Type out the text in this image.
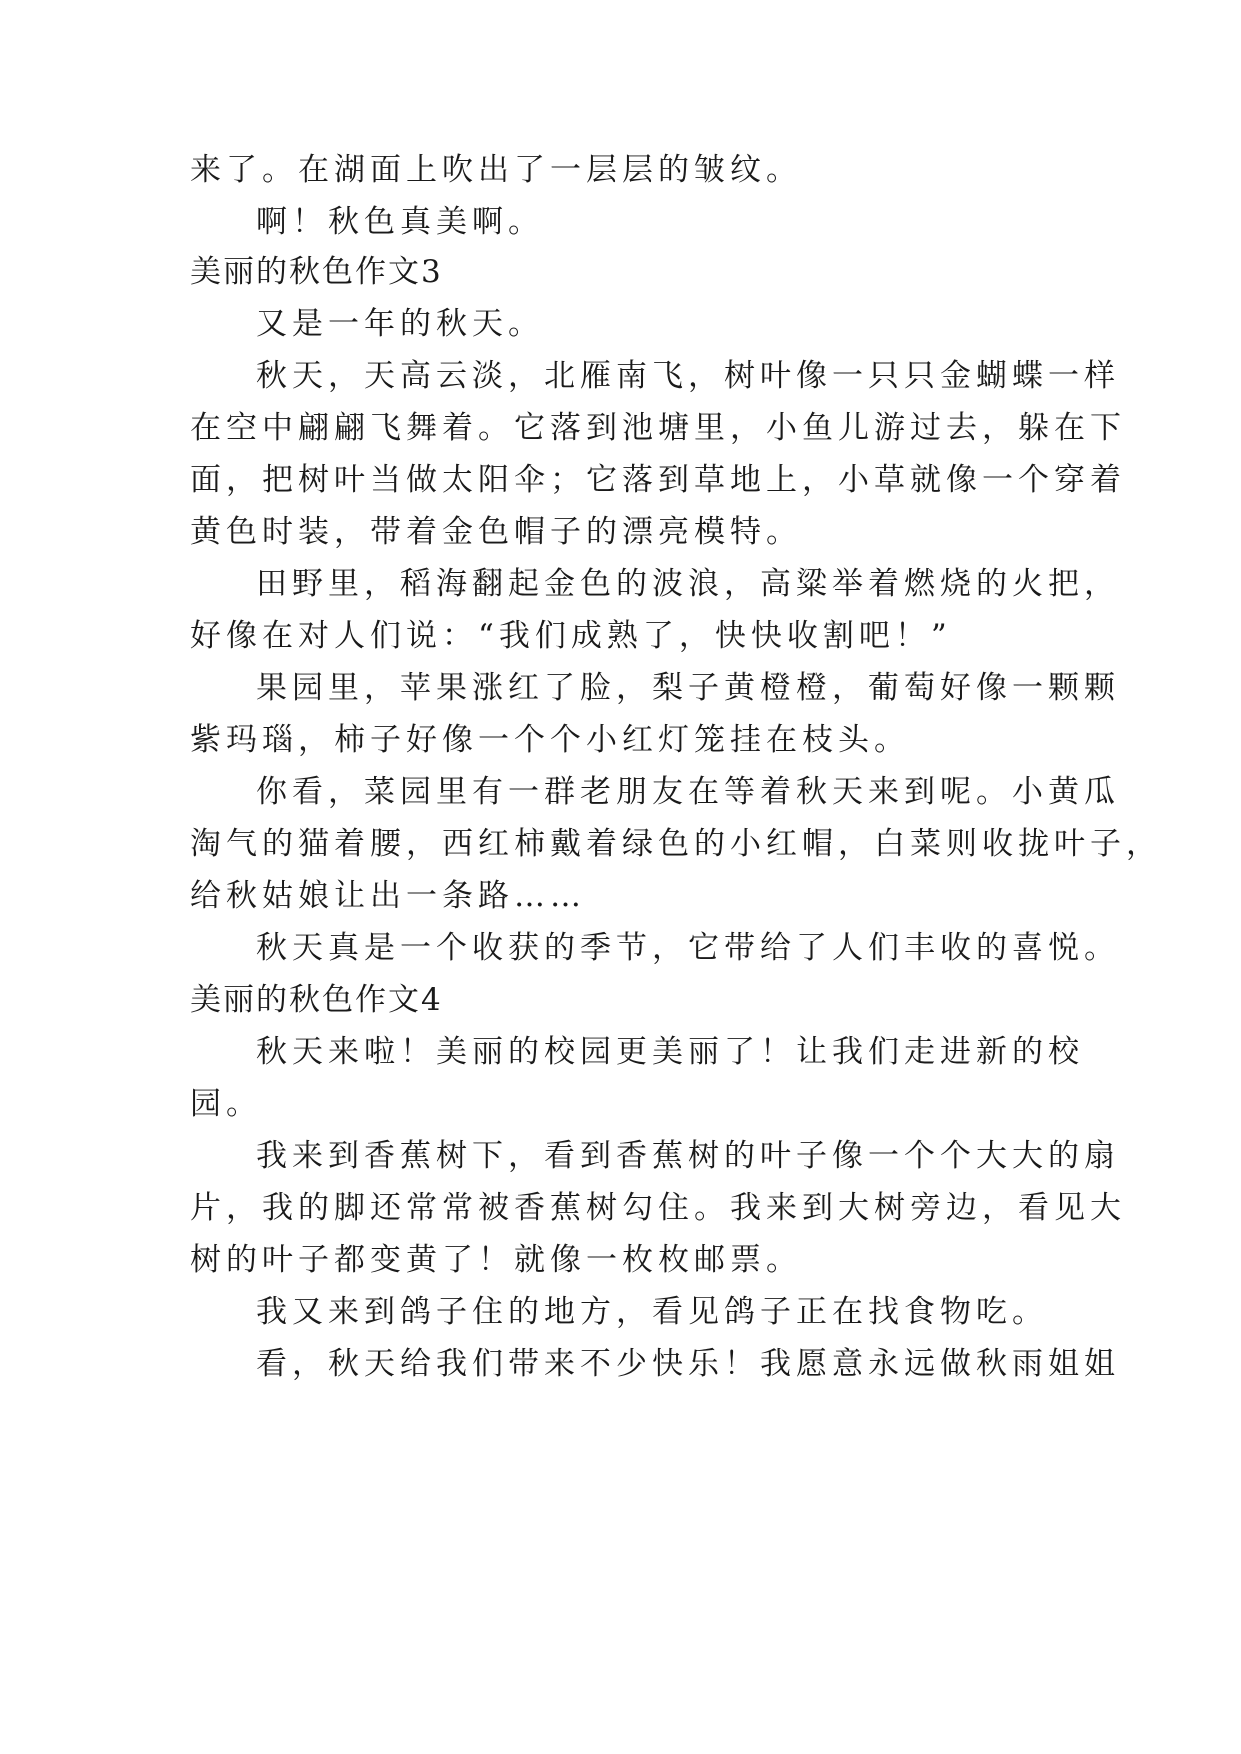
来了。在湖面上吹出了一层层的皱纹。
啊！秋色真美啊。
美丽的秋色作文3
又是一年的秋天。
秋天，天高云淡，北雁南飞，树叶像一只只金蝴蝶一样
在空中翩翩飞舞着。它落到池塘里，小鱼儿游过去，躲在下
面，把树叶当做太阳伞；它落到草地上，小草就像一个穿着
黄色时装，带着金色帽子的漂亮模特。
田野里，稻海翻起金色的波浪，高粱举着燃烧的火把，
好像在对人们说：“我们成熟了，快快收割吧！”
果园里，苹果涨红了脸，梨子黄橙橙，葡萄好像一颗颗
紫玛瑙，柿子好像一个个小红灯笼挂在枝头。
你看，菜园里有一群老朋友在等着秋天来到呢。小黄瓜
淘气的猫着腰，西红柿戴着绿色的小红帽，白菜则收拢叶子，
给秋姑娘让出一条路……
秋天真是一个收获的季节，它带给了人们丰收的喜悦。
美丽的秋色作文4
秋天来啦！美丽的校园更美丽了！让我们走进新的校
园。
我来到香蕉树下，看到香蕉树的叶子像一个个大大的扇
片，我的脚还常常被香蕉树勾住。我来到大树旁边，看见大
树的叶子都变黄了！就像一枚枚邮票。
我又来到鸽子住的地方，看见鸽子正在找食物吃。
看，秋天给我们带来不少快乐！我愿意永远做秋雨姐姐
